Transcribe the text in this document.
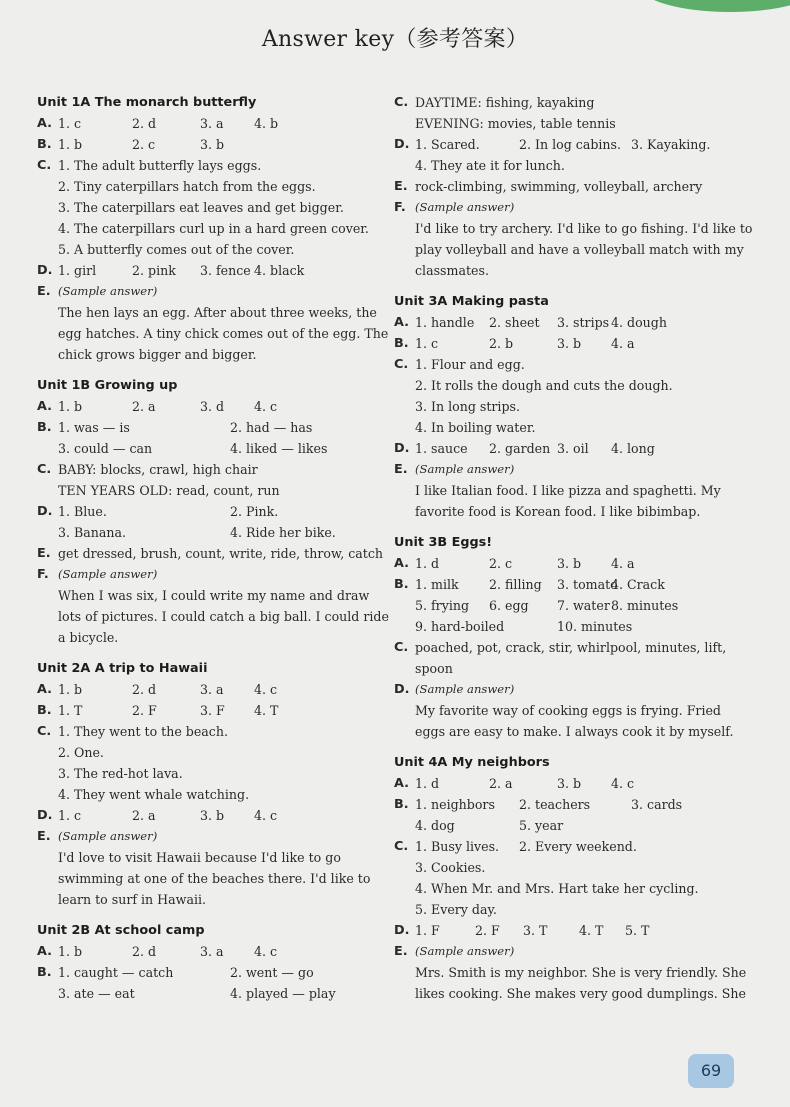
Answer key（参考答案）
Unit 1A The monarch butterfly
A. 1. c	2. d	3. a 4. b
B. 1. b	2. c	3. b
C. 1. The adult butterfly lays eggs.
2. Tiny caterpillars hatch from the eggs.
3. The caterpillars eat leaves and get bigger.
4. The caterpillars curl up in a hard green cover.
5. A butterfly comes out of the cover.
D. 1. girl	2. pink 3. fence 4. black
E. (Sample answer)
The hen lays an egg. After about three weeks, the
egg hatches. A tiny chick comes out of the egg. The
chick grows bigger and bigger.
Unit 1B Growing up
A. 1. b	2. a	3. d 4. c
B. 1. was — is	2. had — has
3. could — can	4. liked — likes
C. BABY: blocks, crawl, high chair
TEN YEARS OLD: read, count, run
D. 1. Blue.	2. Pink.
3. Banana.	4. Ride her bike.
E. get dressed, brush, count, write, ride, throw, catch
F. (Sample answer)
When I was six, I could write my name and draw
lots of pictures. I could catch a big ball. I could ride
a bicycle.
Unit 2A A trip to Hawaii
A. 1. b	2. d	3. a 4. c
B. 1. T	2. F	3. F 4. T
C. 1. They went to the beach.
2. One.
3. The red-hot lava.
4. They went whale watching.
D. 1. c	2. a	3. b 4. c
E. (Sample answer)
I'd love to visit Hawaii because I'd like to go
swimming at one of the beaches there. I'd like to
learn to surf in Hawaii.
Unit 2B At school camp
A. 1. b	2. d	3. a 4. c
B. 1. caught — catch	2. went — go
3. ate — eat	4. played — play
C. DAYTIME: fishing, kayaking
EVENING: movies, table tennis
D. 1. Scared.	2. In log cabins. 3. Kayaking.
4. They ate it for lunch.
E. rock-climbing, swimming, volleyball, archery
F. (Sample answer)
I'd like to try archery. I'd like to go fishing. I'd like to
play volleyball and have a volleyball match with my
classmates.
Unit 3A Making pasta
A. 1. handle 2. sheet 3. strips 4. dough
B. 1. c	2. b	3. b 4. a
C. 1. Flour and egg.
2. It rolls the dough and cuts the dough.
3. In long strips.
4. In boiling water.
D. 1. sauce 2. garden 3. oil 4. long
E. (Sample answer)
I like Italian food. I like pizza and spaghetti. My
favorite food is Korean food. I like bibimbap.
Unit 3B Eggs!
A. 1. d	2. c	3. b 4. a
B. 1. milk 2. filling 3. tomato
4. Crack
5. frying 6. egg 7. water 8. minutes
9. hard-boiled	10. minutes
C. poached, pot, crack, stir, whirlpool, minutes, lift,
spoon
D. (Sample answer)
My favorite way of cooking eggs is frying. Fried
eggs are easy to make. I always cook it by myself.
Unit 4A My neighbors
A. 1. d	2. a	3. b 4. c
B. 1. neighbors 2. teachers	3. cards
4. dog	5. year
C. 1. Busy lives. 2. Every weekend.
3. Cookies.
4. When Mr. and Mrs. Hart take her cycling.
5. Every day.
D. 1. F	2. F 3. T	4. T 5. T
E. (Sample answer)
Mrs. Smith is my neighbor. She is very friendly. She
likes cooking. She makes very good dumplings. She
69
